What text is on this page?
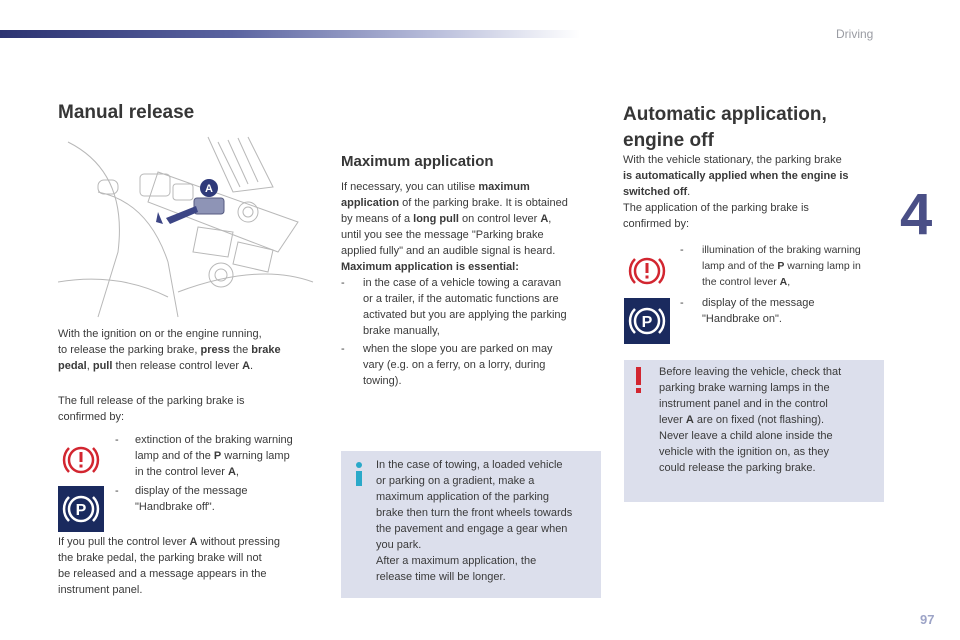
Driving
4
97
Manual release
A

With the ignition on or the engine running,

to release the parking brake, press the brake

pedal, pull then release control lever A.

The full release of the parking brake is

confirmed by:

- extinction of the braking warning

lamp and of the P warning lamp

in the control lever A,

P
- display of the message

"Handbrake off".

If you pull the control lever A without pressing

the brake pedal, the parking brake will not

be released and a message appears in the

instrument panel.

Maximum application

If necessary, you can utilise maximum

application of the parking brake. It is obtained

by means of a long pull on control lever A,

until you see the message "Parking brake

applied fully" and an audible signal is heard.

Maximum application is essential:

- in the case of a vehicle towing a caravan

or a trailer, if the automatic functions are

activated but you are applying the parking

brake manually,

- when the slope you are parked on may

vary (e.g. on a ferry, on a lorry, during

towing).

In the case of towing, a loaded vehicle

or parking on a gradient, make a

maximum application of the parking

brake then turn the front wheels towards

the pavement and engage a gear when

you park.

After a maximum application, the

release time will be longer.

Automatic application,
engine off

With the vehicle stationary, the parking brake

is automatically applied when the engine is

switched off.

The application of the parking brake is

confirmed by:

- illumination of the braking warning

lamp and of the P warning lamp in

the control lever A,

P
- display of the message

"Handbrake on".

Before leaving the vehicle, check that

parking brake warning lamps in the

instrument panel and in the control

lever A are on fixed (not flashing).

Never leave a child alone inside the

vehicle with the ignition on, as they

could release the parking brake.
